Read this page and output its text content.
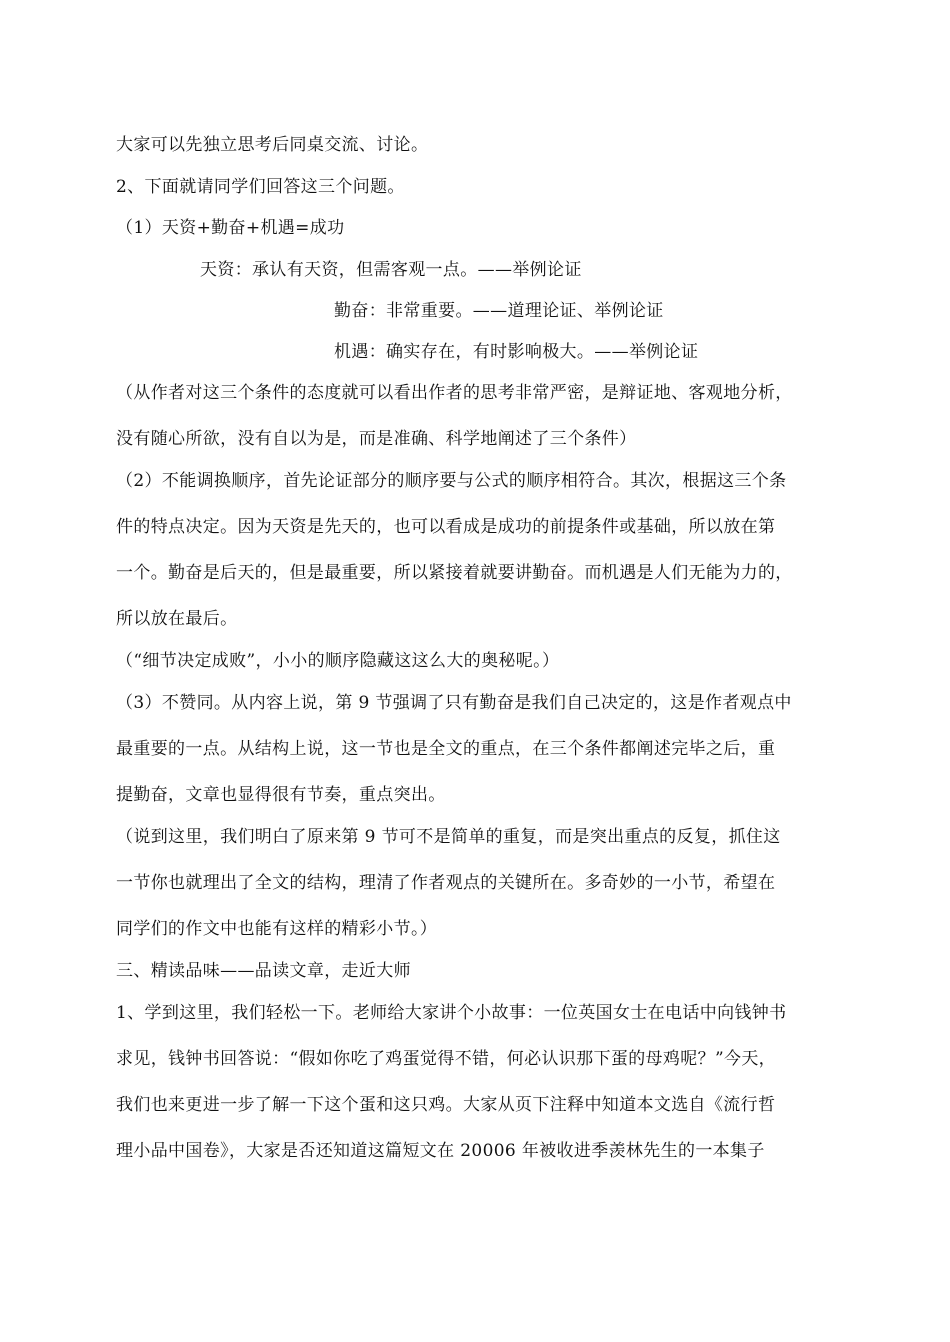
大家可以先独立思考后同桌交流、讨论。
2、下面就请同学们回答这三个问题。
（1）天资+勤奋+机遇=成功
天资：承认有天资，但需客观一点。——举例论证
勤奋：非常重要。——道理论证、举例论证
机遇：确实存在，有时影响极大。——举例论证
（从作者对这三个条件的态度就可以看出作者的思考非常严密，是辩证地、客观地分析，
没有随心所欲，没有自以为是，而是准确、科学地阐述了三个条件）
（2）不能调换顺序，首先论证部分的顺序要与公式的顺序相符合。其次，根据这三个条
件的特点决定。因为天资是先天的，也可以看成是成功的前提条件或基础，所以放在第
一个。勤奋是后天的，但是最重要，所以紧接着就要讲勤奋。而机遇是人们无能为力的，
所以放在最后。
（“细节决定成败”，小小的顺序隐藏这这么大的奥秘呢。）
（3）不赞同。从内容上说，第 9 节强调了只有勤奋是我们自己决定的，这是作者观点中
最重要的一点。从结构上说，这一节也是全文的重点，在三个条件都阐述完毕之后，重
提勤奋，文章也显得很有节奏，重点突出。
（说到这里，我们明白了原来第 9 节可不是简单的重复，而是突出重点的反复，抓住这
一节你也就理出了全文的结构，理清了作者观点的关键所在。多奇妙的一小节，希望在
同学们的作文中也能有这样的精彩小节。）
三、精读品味——品读文章，走近大师
1、学到这里，我们轻松一下。老师给大家讲个小故事：一位英国女士在电话中向钱钟书
求见，钱钟书回答说：“假如你吃了鸡蛋觉得不错，何必认识那下蛋的母鸡呢？”今天，
我们也来更进一步了解一下这个蛋和这只鸡。大家从页下注释中知道本文选自《流行哲
理小品中国卷》，大家是否还知道这篇短文在 20006 年被收进季羡林先生的一本集子
